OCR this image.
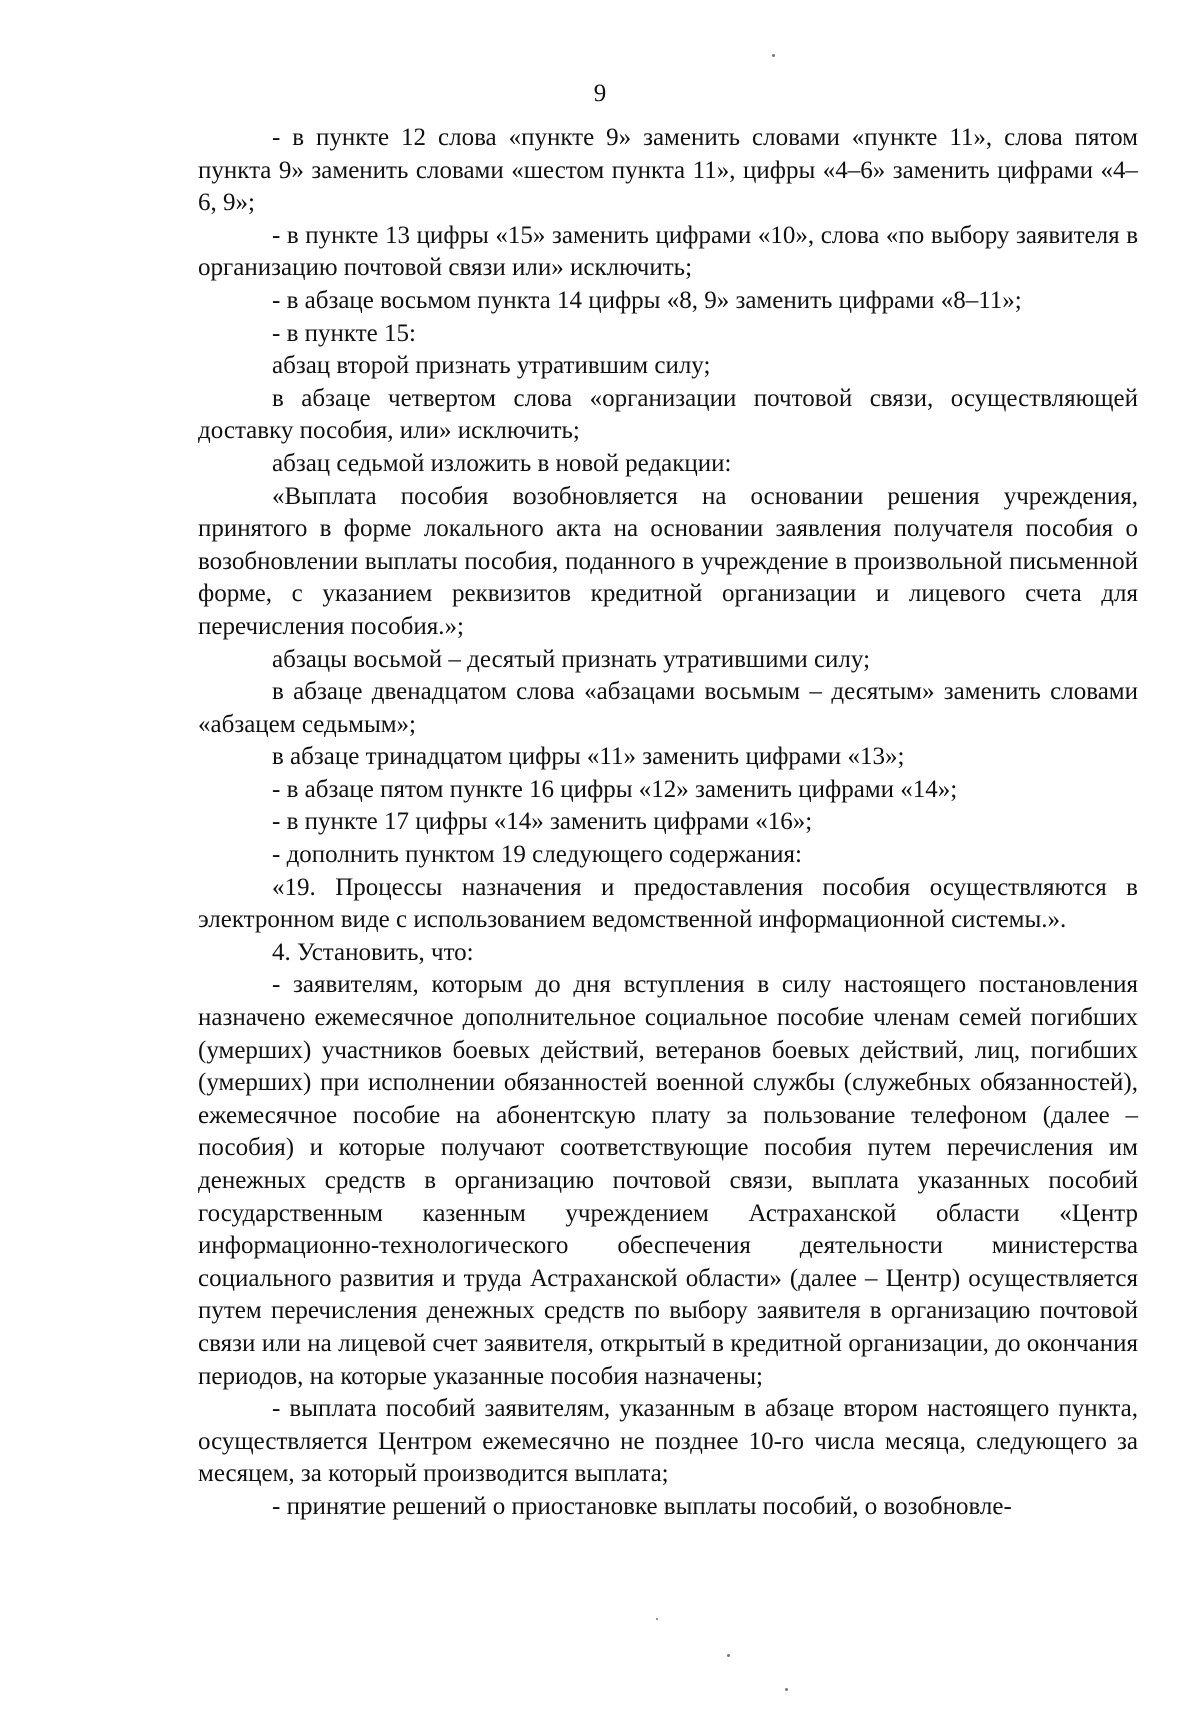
9

- в пункте 12 слова «пункте 9» заменить словами «пункте 11», слова пятом пункта 9» заменить словами «шестом пункта 11», цифры «4–6» заменить цифрами «4–6, 9»;

- в пункте 13 цифры «15» заменить цифрами «10», слова «по выбору заявителя в организацию почтовой связи или» исключить;

- в абзаце восьмом пункта 14 цифры «8, 9» заменить цифрами «8–11»;

- в пункте 15:

абзац второй признать утратившим силу;

в абзаце четвертом слова «организации почтовой связи, осуществляющей доставку пособия, или» исключить;

абзац седьмой изложить в новой редакции:

«Выплата пособия возобновляется на основании решения учреждения, принятого в форме локального акта на основании заявления получателя пособия о возобновлении выплаты пособия, поданного в учреждение в произвольной письменной форме, с указанием реквизитов кредитной организации и лицевого счета для перечисления пособия.»;

абзацы восьмой – десятый признать утратившими силу;

в абзаце двенадцатом слова «абзацами восьмым – десятым» заменить словами «абзацем седьмым»;

в абзаце тринадцатом цифры «11» заменить цифрами «13»;

- в абзаце пятом пункте 16 цифры «12» заменить цифрами «14»;

- в пункте 17 цифры «14» заменить цифрами «16»;

- дополнить пунктом 19 следующего содержания:

«19. Процессы назначения и предоставления пособия осуществляются в электронном виде с использованием ведомственной информационной системы.».

4. Установить, что:

- заявителям, которым до дня вступления в силу настоящего постановления назначено ежемесячное дополнительное социальное пособие членам семей погибших (умерших) участников боевых действий, ветеранов боевых действий, лиц, погибших (умерших) при исполнении обязанностей военной службы (служебных обязанностей), ежемесячное пособие на абонентскую плату за пользование телефоном (далее – пособия) и которые получают соответствующие пособия путем перечисления им денежных средств в организацию почтовой связи, выплата указанных пособий государственным казенным учреждением Астраханской области «Центр информационно-технологического обеспечения деятельности министерства социального развития и труда Астраханской области» (далее – Центр) осуществляется путем перечисления денежных средств по выбору заявителя в организацию почтовой связи или на лицевой счет заявителя, открытый в кредитной организации, до окончания периодов, на которые указанные пособия назначены;

- выплата пособий заявителям, указанным в абзаце втором настоящего пункта, осуществляется Центром ежемесячно не позднее 10-го числа месяца, следующего за месяцем, за который производится выплата;

- принятие решений о приостановке выплаты пособий, о возобновле-
